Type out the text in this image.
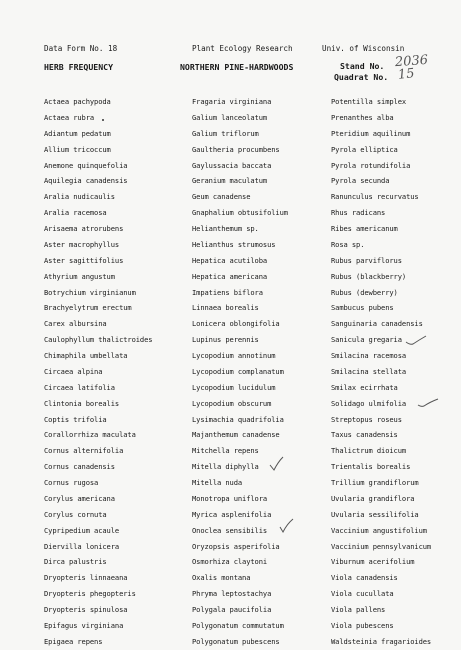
Data Form No. 18	Plant Ecology Research	Univ. of Wisconsin
HERB FREQUENCY	NORTHERN PINE-HARDWOODS	Stand No. 2036
Quadrat No. 15
Actaea pachypoda
Actaea rubra
Adiantum pedatum
Allium tricoccum
Anemone quinquefolia
Aquilegia canadensis
Aralia nudicaulis
Aralia racemosa
Arisaema atrorubens
Aster macrophyllus
Aster sagittifolius
Athyrium angustum
Botrychium virginianum
Brachyelytrum erectum
Carex albursina
Caulophyllum thalictroides
Chimaphila umbellata
Circaea alpina
Circaea latifolia
Clintonia borealis
Coptis trifolia
Corallorrhiza maculata
Cornus alternifolia
Cornus canadensis
Cornus rugosa
Corylus americana
Corylus cornuta
Cypripedium acaule
Diervilla lonicera
Dirca palustris
Dryopteris linnaeana
Dryopteris phegopteris
Dryopteris spinulosa
Epifagus virginiana
Epigaea repens
Fragaria virginiana
Galium lanceolatum
Galium triflorum
Gaultheria procumbens
Gaylussacia baccata
Geranium maculatum
Geum canadense
Gnaphalium obtusifolium
Helianthemum sp.
Helianthus strumosus
Hepatica acutiloba
Hepatica americana
Impatiens biflora
Linnaea borealis
Lonicera oblongifolia
Lupinus perennis
Lycopodium annotinum
Lycopodium complanatum
Lycopodium lucidulum
Lycopodium obscurum
Lysimachia quadrifolia
Majanthemum canadense
Mitchella repens
Mitella diphylla
Mitella nuda
Monotropa uniflora
Myrica asplenifolia
Onoclea sensibilis
Oryzopsis asperifolia
Osmorhiza claytoni
Oxalis montana
Phryma leptostachya
Polygala paucifolia
Polygonatum commutatum
Polygonatum pubescens
Potentilla simplex
Prenanthes alba
Pteridium aquilinum
Pyrola elliptica
Pyrola rotundifolia
Pyrola secunda
Ranunculus recurvatus
Rhus radicans
Ribes americanum
Rosa sp.
Rubus parviflorus
Rubus (blackberry)
Rubus (dewberry)
Sambucus pubens
Sanguinaria canadensis
Sanicula gregaria
Smilacina racemosa
Smilacina stellata
Smilax ecirrhata
Solidago ulmifolia
Streptopus roseus
Taxus canadensis
Thalictrum dioicum
Trientalis borealis
Trillium grandiflorum
Uvularia grandiflora
Uvularia sessilifolia
Vaccinium angustifolium
Vaccinium pennsylvanicum
Viburnum acerifolium
Viola canadensis
Viola cucullata
Viola pallens
Viola pubescens
Waldsteinia fragarioides
